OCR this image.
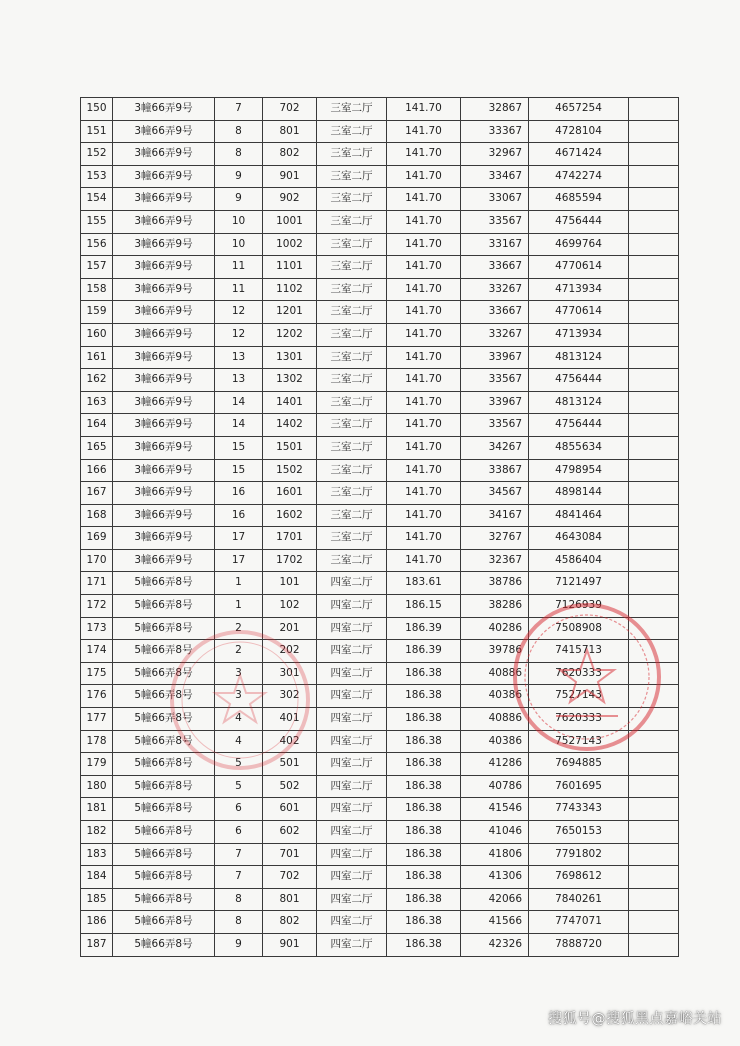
150	3幢66弄9号	7	702	三室二厅	141.70	32867	4657254	
151	3幢66弄9号	8	801	三室二厅	141.70	33367	4728104	
152	3幢66弄9号	8	802	三室二厅	141.70	32967	4671424	
153	3幢66弄9号	9	901	三室二厅	141.70	33467	4742274	
154	3幢66弄9号	9	902	三室二厅	141.70	33067	4685594	
155	3幢66弄9号	10	1001	三室二厅	141.70	33567	4756444	
156	3幢66弄9号	10	1002	三室二厅	141.70	33167	4699764	
157	3幢66弄9号	11	1101	三室二厅	141.70	33667	4770614	
158	3幢66弄9号	11	1102	三室二厅	141.70	33267	4713934	
159	3幢66弄9号	12	1201	三室二厅	141.70	33667	4770614	
160	3幢66弄9号	12	1202	三室二厅	141.70	33267	4713934	
161	3幢66弄9号	13	1301	三室二厅	141.70	33967	4813124	
162	3幢66弄9号	13	1302	三室二厅	141.70	33567	4756444	
163	3幢66弄9号	14	1401	三室二厅	141.70	33967	4813124	
164	3幢66弄9号	14	1402	三室二厅	141.70	33567	4756444	
165	3幢66弄9号	15	1501	三室二厅	141.70	34267	4855634	
166	3幢66弄9号	15	1502	三室二厅	141.70	33867	4798954	
167	3幢66弄9号	16	1601	三室二厅	141.70	34567	4898144	
168	3幢66弄9号	16	1602	三室二厅	141.70	34167	4841464	
169	3幢66弄9号	17	1701	三室二厅	141.70	32767	4643084	
170	3幢66弄9号	17	1702	三室二厅	141.70	32367	4586404	
171	5幢66弄8号	1	101	四室二厅	183.61	38786	7121497	
172	5幢66弄8号	1	102	四室二厅	186.15	38286	7126939	
173	5幢66弄8号	2	201	四室二厅	186.39	40286	7508908	
174	5幢66弄8号	2	202	四室二厅	186.39	39786	7415713	
175	5幢66弄8号	3	301	四室二厅	186.38	40886	7620333	
176	5幢66弄8号	3	302	四室二厅	186.38	40386	7527143	
177	5幢66弄8号	4	401	四室二厅	186.38	40886	7620333	
178	5幢66弄8号	4	402	四室二厅	186.38	40386	7527143	
179	5幢66弄8号	5	501	四室二厅	186.38	41286	7694885	
180	5幢66弄8号	5	502	四室二厅	186.38	40786	7601695	
181	5幢66弄8号	6	601	四室二厅	186.38	41546	7743343	
182	5幢66弄8号	6	602	四室二厅	186.38	41046	7650153	
183	5幢66弄8号	7	701	四室二厅	186.38	41806	7791802	
184	5幢66弄8号	7	702	四室二厅	186.38	41306	7698612	
185	5幢66弄8号	8	801	四室二厅	186.38	42066	7840261	
186	5幢66弄8号	8	802	四室二厅	186.38	41566	7747071	
187	5幢66弄8号	9	901	四室二厅	186.38	42326	7888720	
搜狐号@搜狐黑点嘉峪关站
